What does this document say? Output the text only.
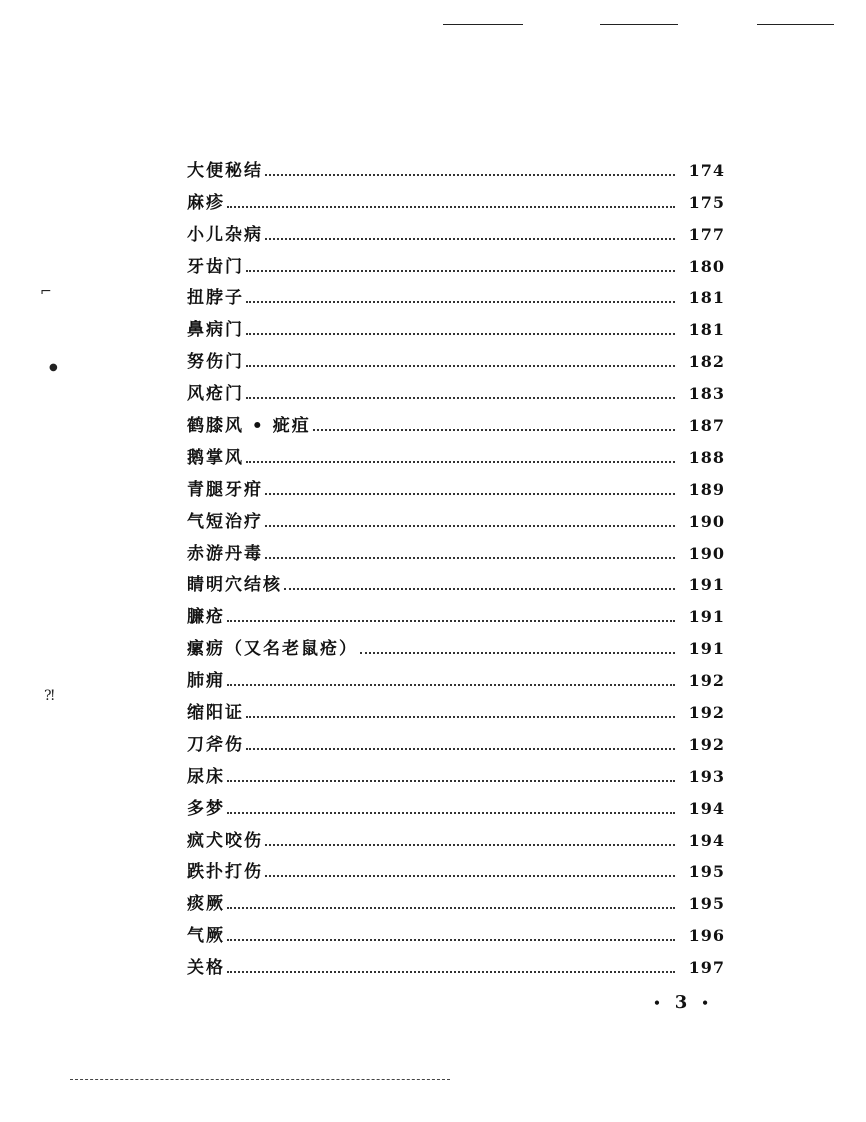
⌐
●
⁈
大便秘结	174
麻疹	175
小儿杂病	177
牙齿门	180
扭脖子	181
鼻病门	181
努伤门	182
风疮门	183
鹤膝风 • 疵疽	187
鹅掌风	188
青腿牙疳	189
气短治疗	190
赤游丹毒	190
睛明穴结核	191
臁疮	191
瘰疬（又名老鼠疮）	191
肺痈	192
缩阳证	192
刀斧伤	192
尿床	193
多梦	194
疯犬咬伤	194
跌扑打伤	195
痰厥	195
气厥	196
关格	197
• 3 •
